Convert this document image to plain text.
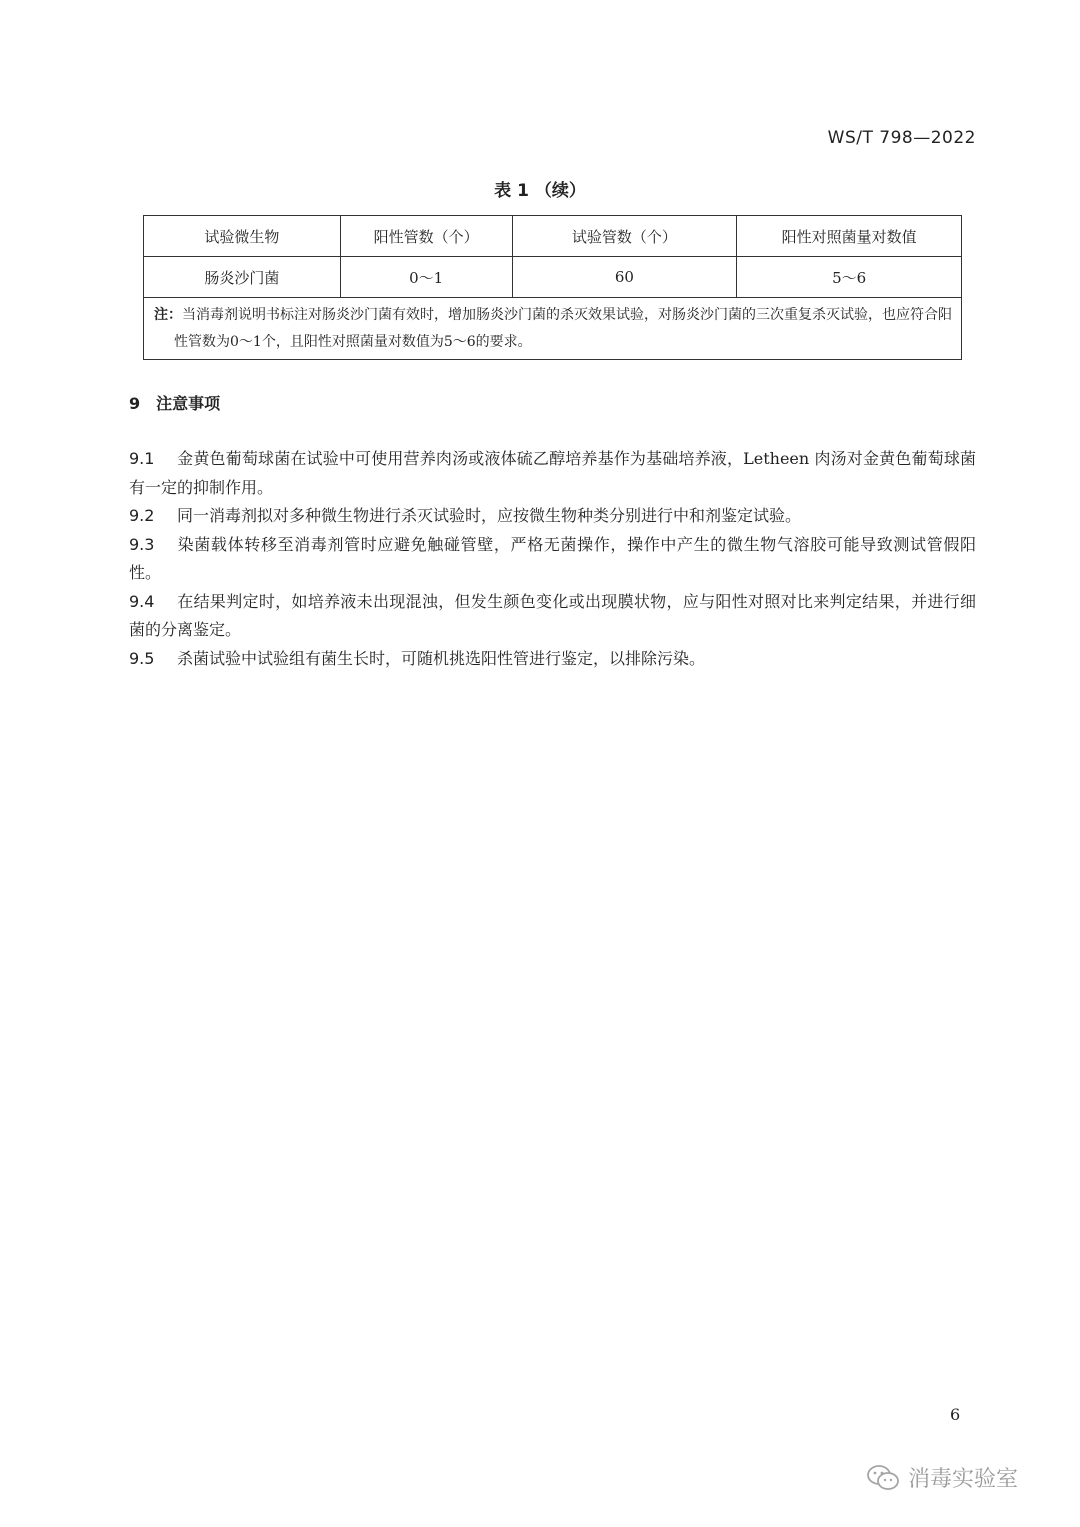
WS/T 798—2022
表 1 （续）
试验微生物	阳性管数（个）	试验管数（个）	阳性对照菌量对数值
肠炎沙门菌	0～1	60	5～6
注：当消毒剂说明书标注对肠炎沙门菌有效时，增加肠炎沙门菌的杀灭效果试验，对肠炎沙门菌的三次重复杀灭试验，也应符合阳性管数为0～1个，且阳性对照菌量对数值为5～6的要求。			
9 注意事项

9.1 金黄色葡萄球菌在试验中可使用营养肉汤或液体硫乙醇培养基作为基础培养液，Letheen 肉汤对金黄色葡萄球菌有一定的抑制作用。

9.2 同一消毒剂拟对多种微生物进行杀灭试验时，应按微生物种类分别进行中和剂鉴定试验。

9.3 染菌载体转移至消毒剂管时应避免触碰管壁，严格无菌操作，操作中产生的微生物气溶胶可能导致测试管假阳性。

9.4 在结果判定时，如培养液未出现混浊，但发生颜色变化或出现膜状物，应与阳性对照对比来判定结果，并进行细菌的分离鉴定。

9.5 杀菌试验中试验组有菌生长时，可随机挑选阳性管进行鉴定，以排除污染。

6
消毒实验室
